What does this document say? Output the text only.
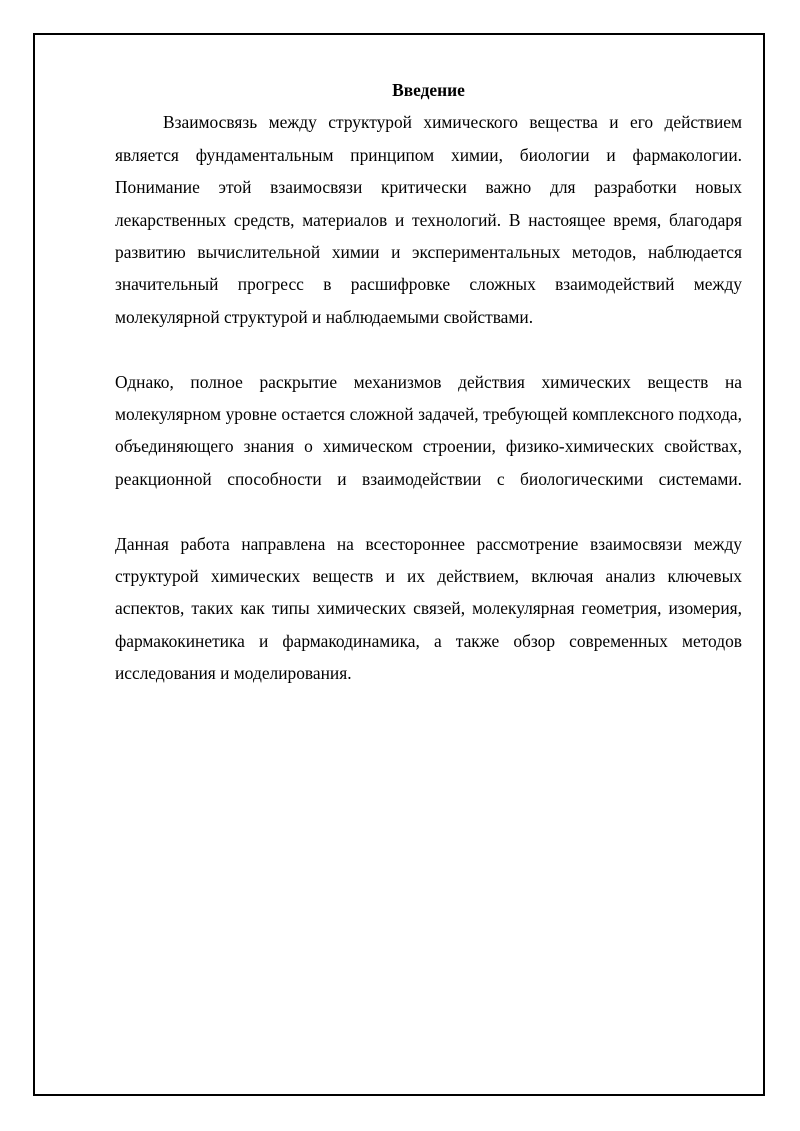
Введение

Взаимосвязь между структурой химического вещества и его действием является фундаментальным принципом химии, биологии и фармакологии. Понимание этой взаимосвязи критически важно для разработки новых лекарственных средств, материалов и технологий. В настоящее время, благодаря развитию вычислительной химии и экспериментальных методов, наблюдается значительный прогресс в расшифровке сложных взаимодействий между молекулярной структурой и наблюдаемыми свойствами.

Однако, полное раскрытие механизмов действия химических веществ на молекулярном уровне остается сложной задачей, требующей комплексного подхода, объединяющего знания о химическом строении, физико-химических свойствах, реакционной способности и взаимодействии с биологическими системами.

Данная работа направлена на всестороннее рассмотрение взаимосвязи между структурой химических веществ и их действием, включая анализ ключевых аспектов, таких как типы химических связей, молекулярная геометрия, изомерия, фармакокинетика и фармакодинамика, а также обзор современных методов исследования и моделирования.
